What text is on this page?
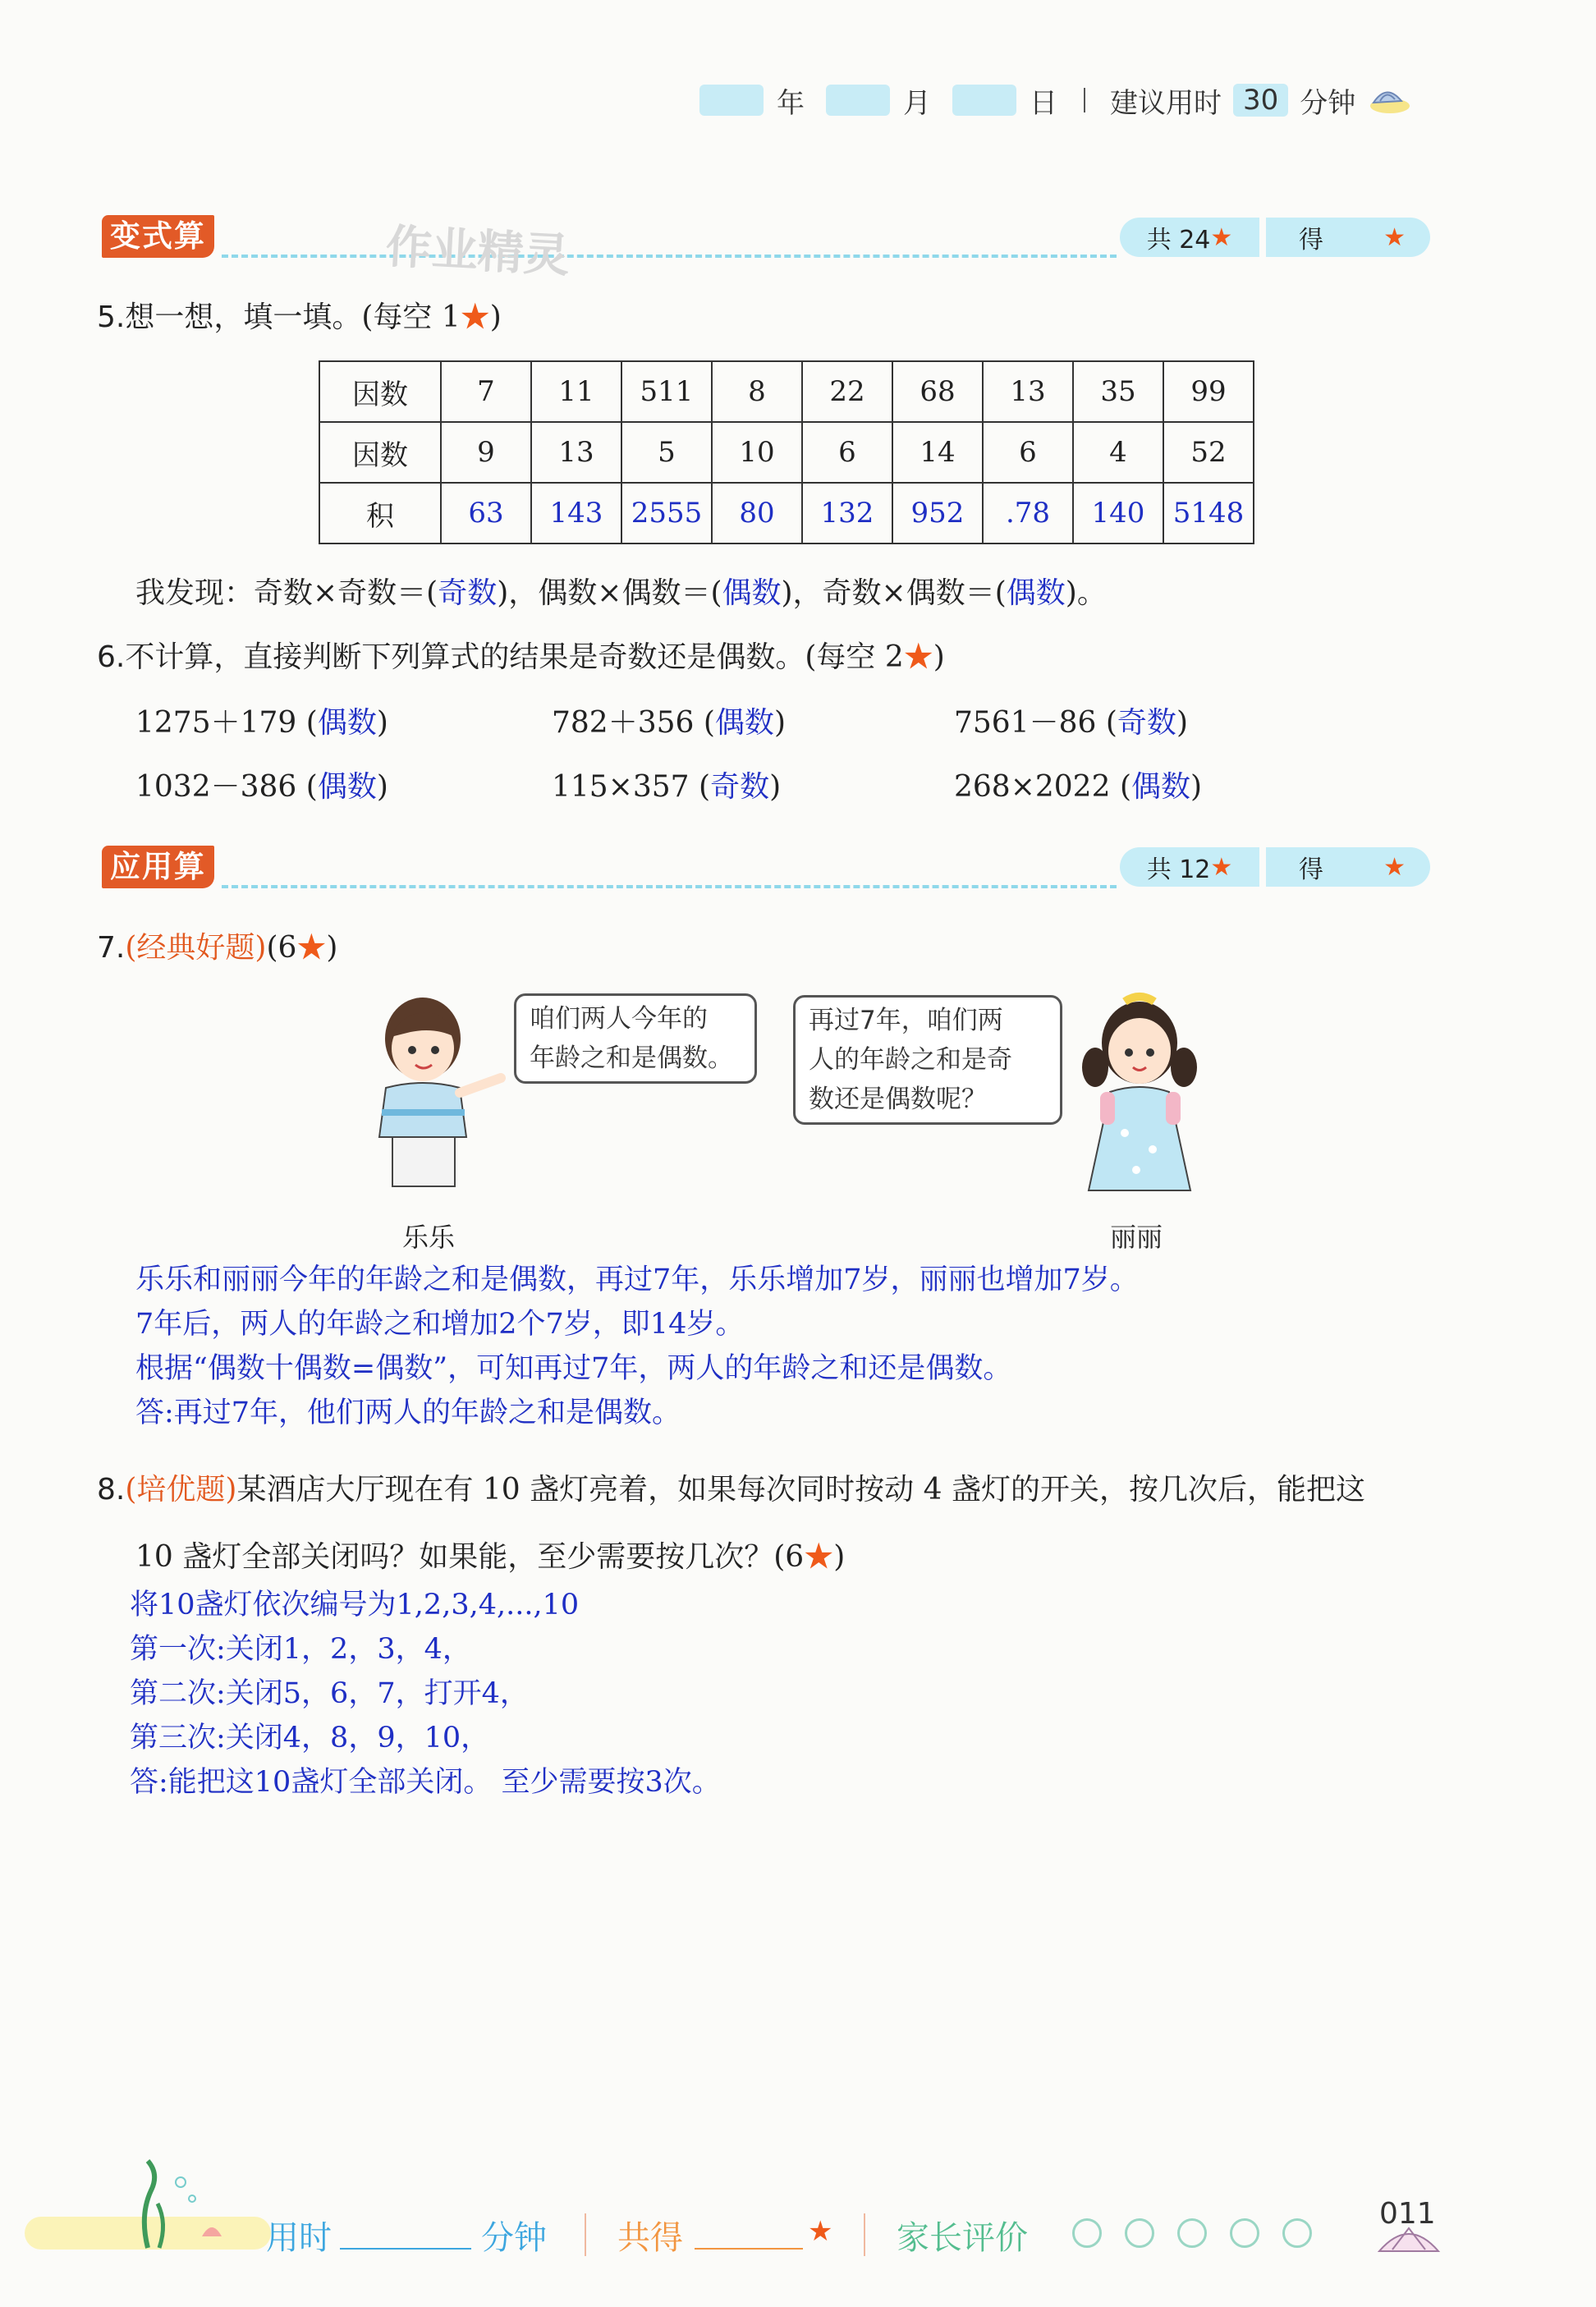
年	月	日 建议用时 30 分钟
变式算	作业精灵	共 24 ★	得 ★
5.想一想，填一填。(每空 1★)
因数	7	11	511	8	22	68	13	35	99
因数	9	13	5	10	6	14	6	4	52
积	63	143	2555	80	132	952	.78	140	5148
我发现：奇数×奇数＝(奇数)，偶数×偶数＝(偶数)，奇数×偶数＝(偶数)。
6.不计算，直接判断下列算式的结果是奇数还是偶数。(每空 2★)
1275＋179 (偶数)	782＋356 (偶数)	7561－86 (奇数)
1032－386 (偶数)	115×357 (奇数)	268×2022 (偶数)
应用算	共 12 ★	得 ★
7.(经典好题)(6★)
咱们两人今年的
年龄之和是偶数。
再过7年，咱们两
人的年龄之和是奇
数还是偶数呢？
乐乐	丽丽
乐乐和丽丽今年的年龄之和是偶数，再过7年，乐乐增加7岁，丽丽也增加7岁。
7年后，两人的年龄之和增加2个7岁，即14岁。
根据“偶数十偶数=偶数”，可知再过7年，两人的年龄之和还是偶数。
答:再过7年，他们两人的年龄之和是偶数。
8.(培优题)某酒店大厅现在有 10 盏灯亮着，如果每次同时按动 4 盏灯的开关，按几次后，能把这
10 盏灯全部关闭吗？如果能，至少需要按几次？(6★)
将10盏灯依次编号为1,2,3,4,...,10
第一次:关闭1，2，3，4，
第二次:关闭5，6，7，打开4，
第三次:关闭4，8，9，10，
答:能把这10盏灯全部关闭。 至少需要按3次。
用时	分钟 共得	★ 家长评价
011
